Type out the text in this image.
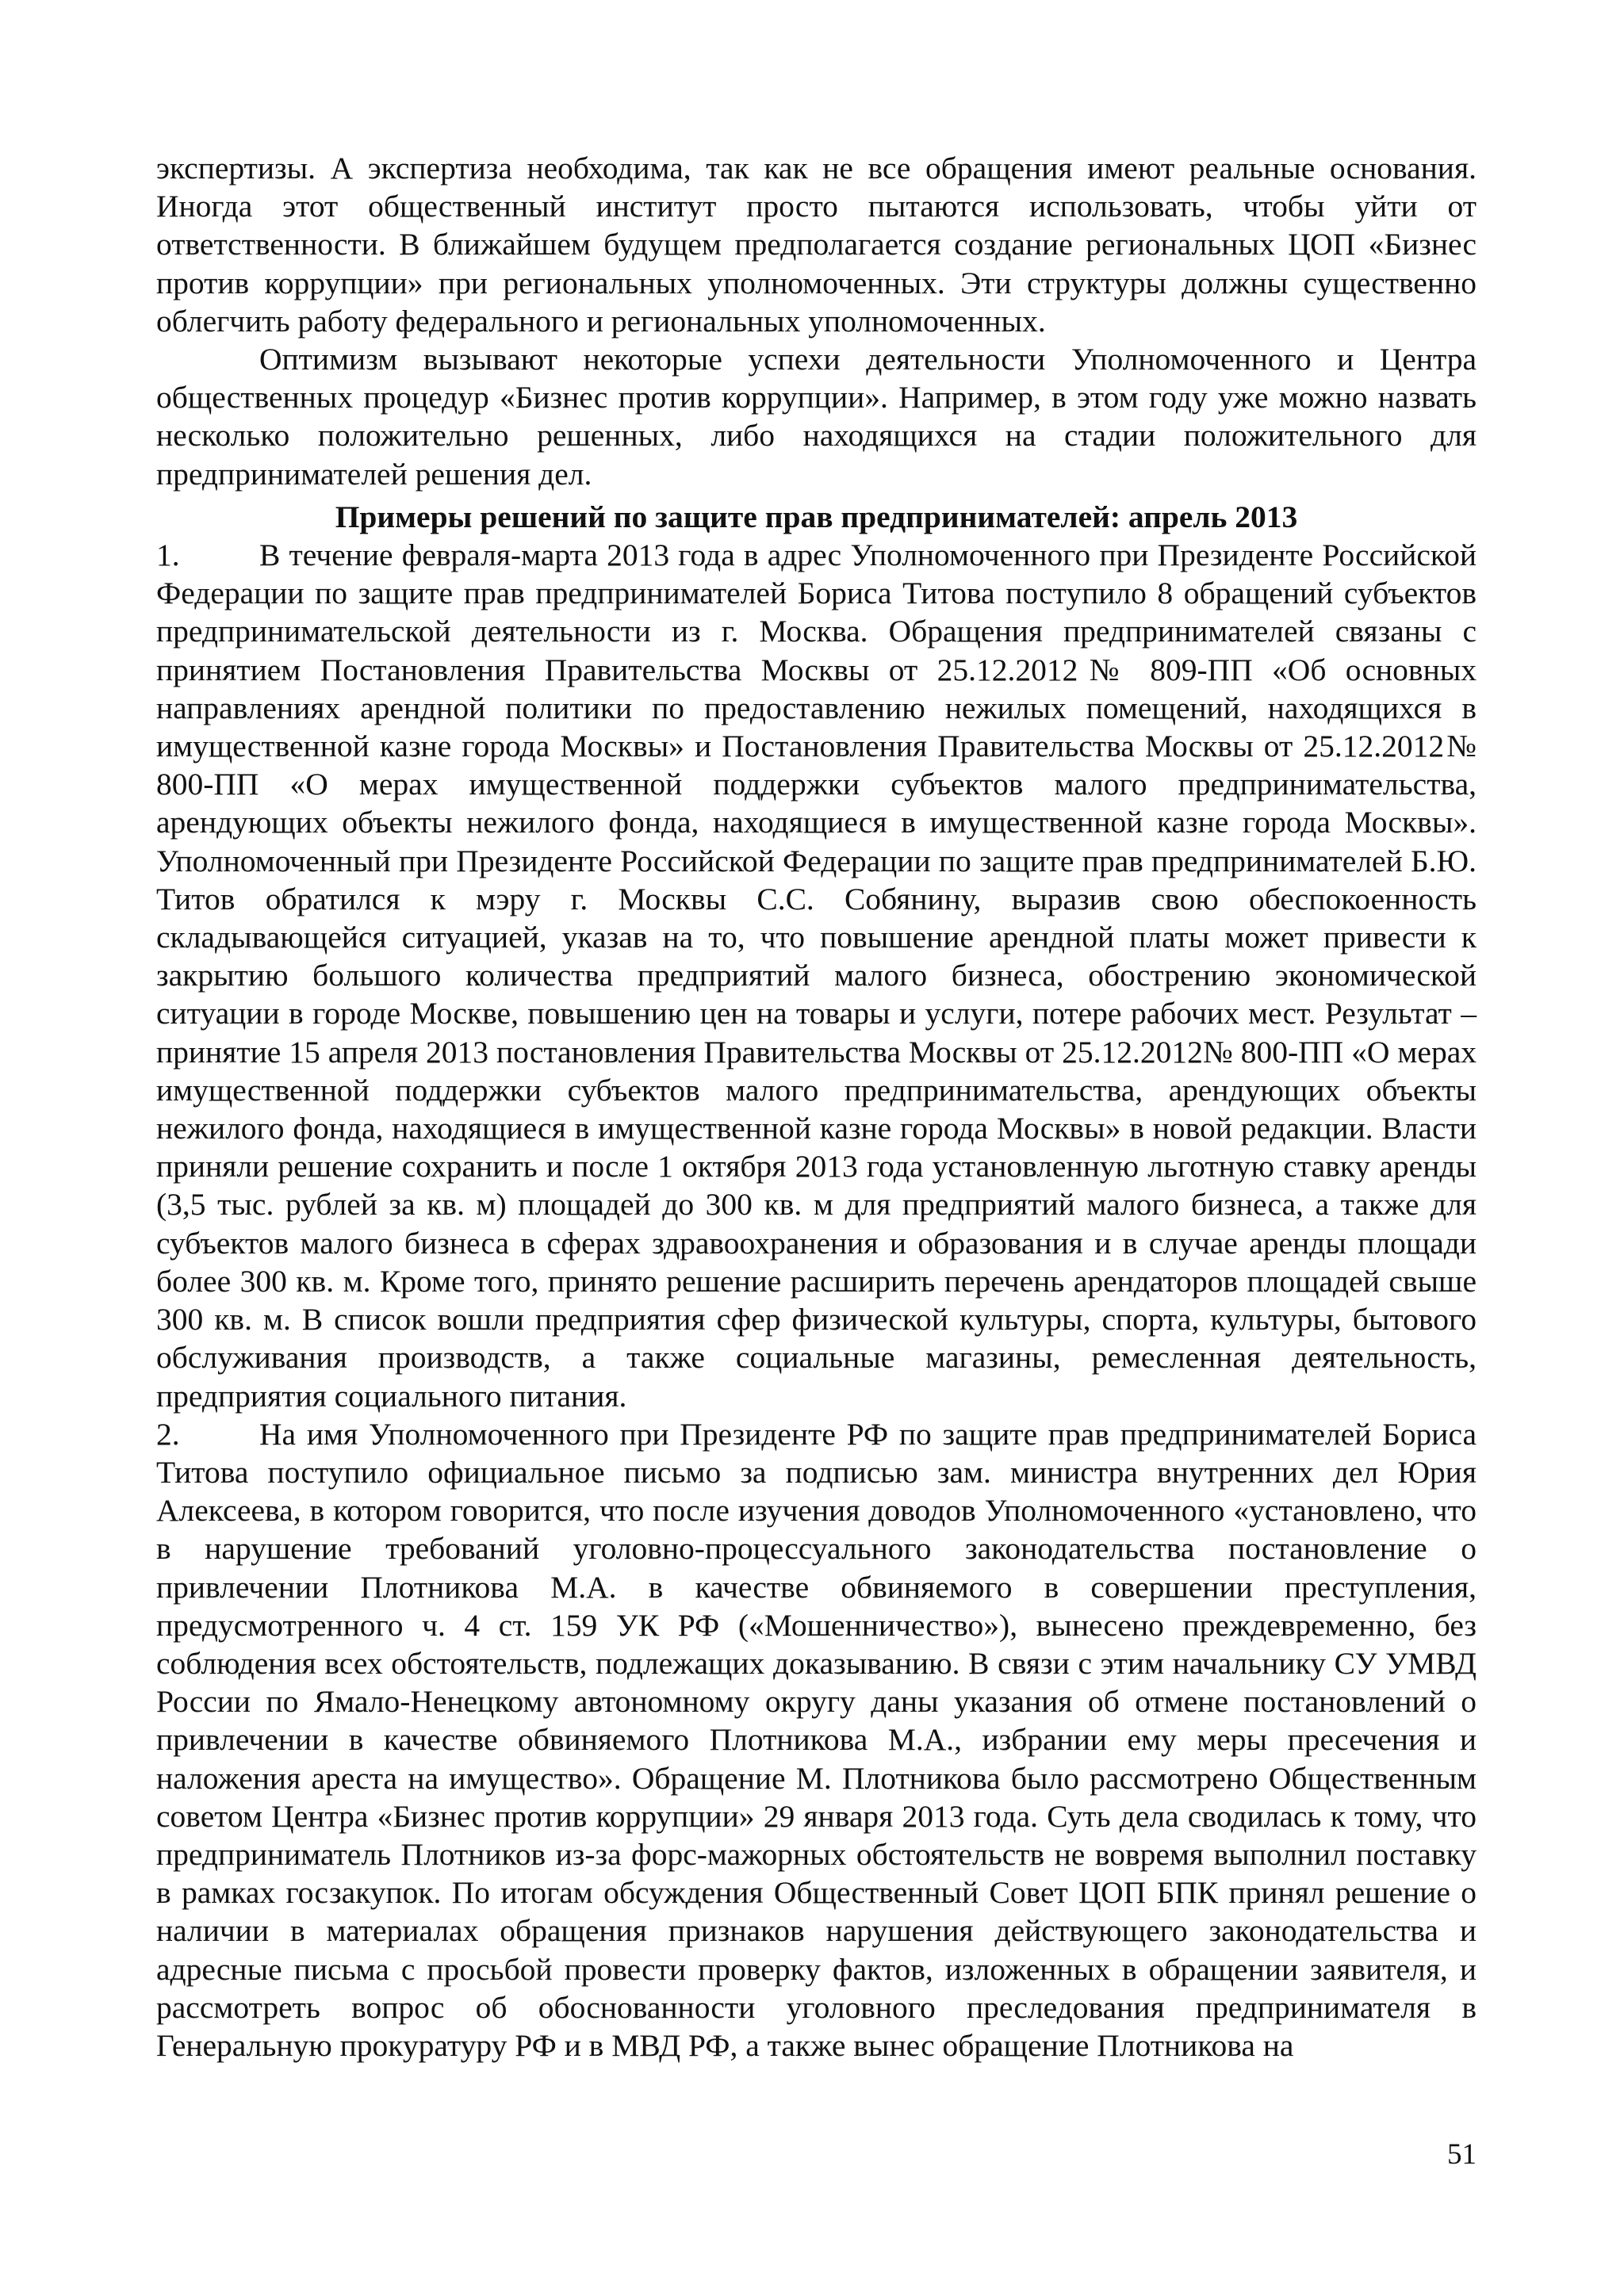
экспертизы. А экспертиза необходима, так как не все обращения имеют реальные основания. Иногда этот общественный институт просто пытаются использовать, чтобы уйти от ответственности. В ближайшем будущем предполагается создание региональных ЦОП «Бизнес против коррупции» при региональных уполномоченных. Эти структуры должны существенно облегчить работу федерального и региональных уполномоченных.

Оптимизм вызывают некоторые успехи деятельности Уполномоченного и Центра общественных процедур «Бизнес против коррупции». Например, в этом году уже можно назвать несколько положительно решенных, либо находящихся на стадии положительного для предпринимателей решения дел.

Примеры решений по защите прав предпринимателей: апрель 2013

1.	В течение февраля-марта 2013 года в адрес Уполномоченного при Президенте Российской Федерации по защите прав предпринимателей Бориса Титова поступило 8 обращений субъектов предпринимательской деятельности из г. Москва. Обращения предпринимателей связаны с принятием Постановления Правительства Москвы от 25.12.2012№ 809-ПП «Об основных направлениях арендной политики по предоставлению нежилых помещений, находящихся в имущественной казне города Москвы» и Постановления Правительства Москвы от 25.12.2012№ 800-ПП «О мерах имущественной поддержки субъектов малого предпринимательства, арендующих объекты нежилого фонда, находящиеся в имущественной казне города Москвы». Уполномоченный при Президенте Российской Федерации по защите прав предпринимателей Б.Ю. Титов обратился к мэру г. Москвы С.С. Собянину, выразив свою обеспокоенность складывающейся ситуацией, указав на то, что повышение арендной платы может привести к закрытию большого количества предприятий малого бизнеса, обострению экономической ситуации в городе Москве, повышению цен на товары и услуги, потере рабочих мест. Результат – принятие 15 апреля 2013 постановления Правительства Москвы от 25.12.2012№ 800-ПП «О мерах имущественной поддержки субъектов малого предпринимательства, арендующих объекты нежилого фонда, находящиеся в имущественной казне города Москвы» в новой редакции. Власти приняли решение сохранить и после 1 октября 2013 года установленную льготную ставку аренды (3,5 тыс. рублей за кв. м) площадей до 300 кв. м для предприятий малого бизнеса, а также для субъектов малого бизнеса в сферах здравоохранения и образования и в случае аренды площади более 300 кв. м. Кроме того, принято решение расширить перечень арендаторов площадей свыше 300 кв. м. В список вошли предприятия сфер физической культуры, спорта, культуры, бытового обслуживания производств, а также социальные магазины, ремесленная деятельность, предприятия социального питания.

2.	На имя Уполномоченного при Президенте РФ по защите прав предпринимателей Бориса Титова поступило официальное письмо за подписью зам. министра внутренних дел Юрия Алексеева, в котором говорится, что после изучения доводов Уполномоченного «установлено, что в нарушение требований уголовно-процессуального законодательства постановление о привлечении Плотникова М.А. в качестве обвиняемого в совершении преступления, предусмотренного ч. 4 ст. 159 УК РФ («Мошенничество»), вынесено преждевременно, без соблюдения всех обстоятельств, подлежащих доказыванию. В связи с этим начальнику СУ УМВД России по Ямало-Ненецкому автономному округу даны указания об отмене постановлений о привлечении в качестве обвиняемого Плотникова М.А., избрании ему меры пресечения и наложения ареста на имущество». Обращение М. Плотникова было рассмотрено Общественным советом Центра «Бизнес против коррупции» 29 января 2013 года. Суть дела сводилась к тому, что предприниматель Плотников из-за форс-мажорных обстоятельств не вовремя выполнил поставку в рамках госзакупок. По итогам обсуждения Общественный Совет ЦОП БПК принял решение о наличии в материалах обращения признаков нарушения действующего законодательства и адресные письма с просьбой провести проверку фактов, изложенных в обращении заявителя, и рассмотреть вопрос об обоснованности уголовного преследования предпринимателя в Генеральную прокуратуру РФ и в МВД РФ, а также вынес обращение Плотникова на

51
